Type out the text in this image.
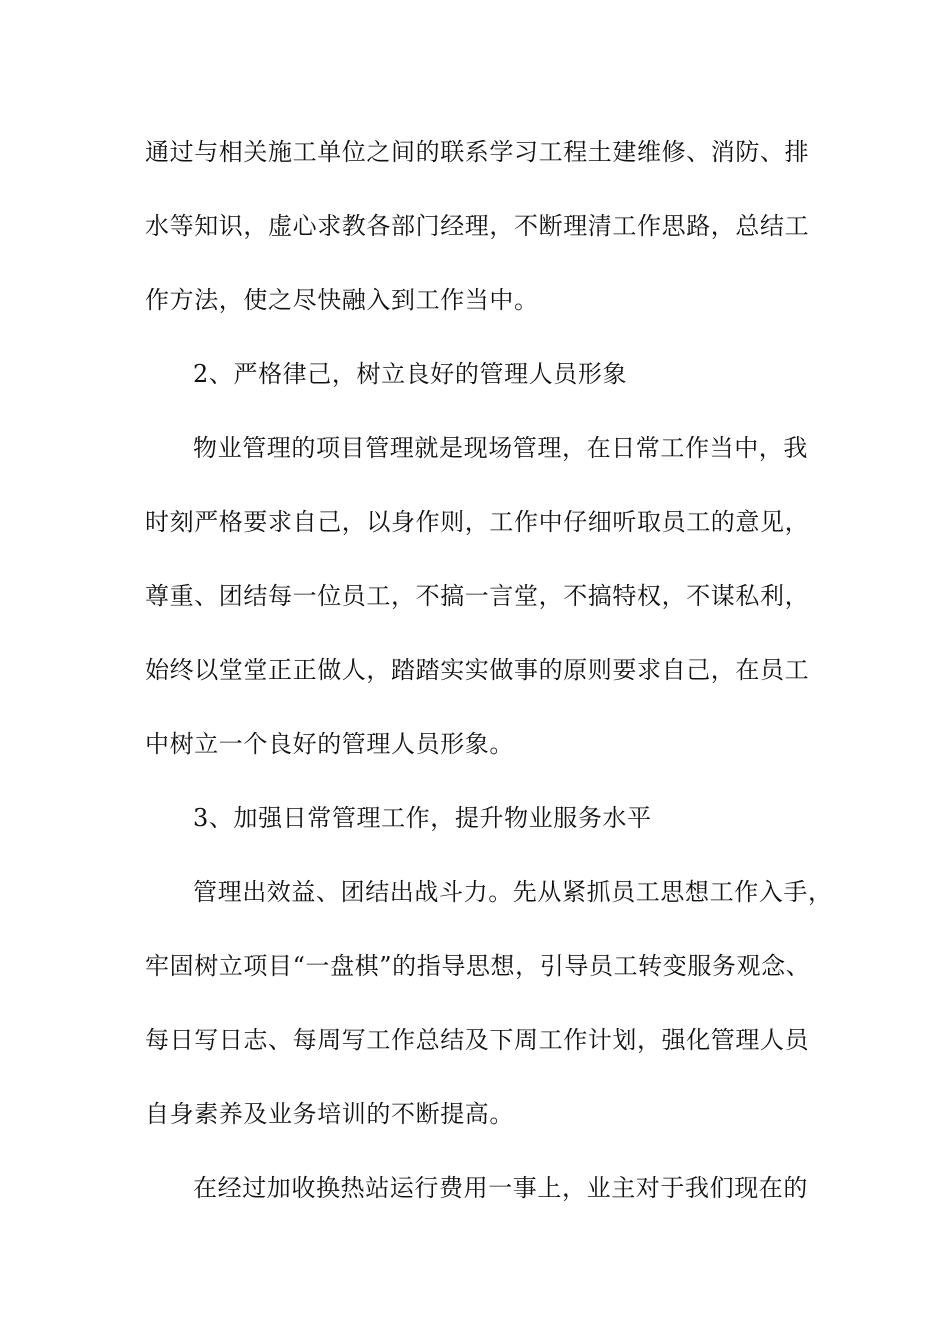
通过与相关施工单位之间的联系学习工程土建维修、消防、排
水等知识，虚心求教各部门经理，不断理清工作思路，总结工
作方法，使之尽快融入到工作当中。
2、严格律己，树立良好的管理人员形象
物业管理的项目管理就是现场管理，在日常工作当中，我
时刻严格要求自己，以身作则，工作中仔细听取员工的意见，
尊重、团结每一位员工，不搞一言堂，不搞特权，不谋私利，
始终以堂堂正正做人，踏踏实实做事的原则要求自己，在员工
中树立一个良好的管理人员形象。
3、加强日常管理工作，提升物业服务水平
管理出效益、团结出战斗力。先从紧抓员工思想工作入手，
牢固树立项目“一盘棋”的指导思想，引导员工转变服务观念、
每日写日志、每周写工作总结及下周工作计划，强化管理人员
自身素养及业务培训的不断提高。
在经过加收换热站运行费用一事上，业主对于我们现在的
